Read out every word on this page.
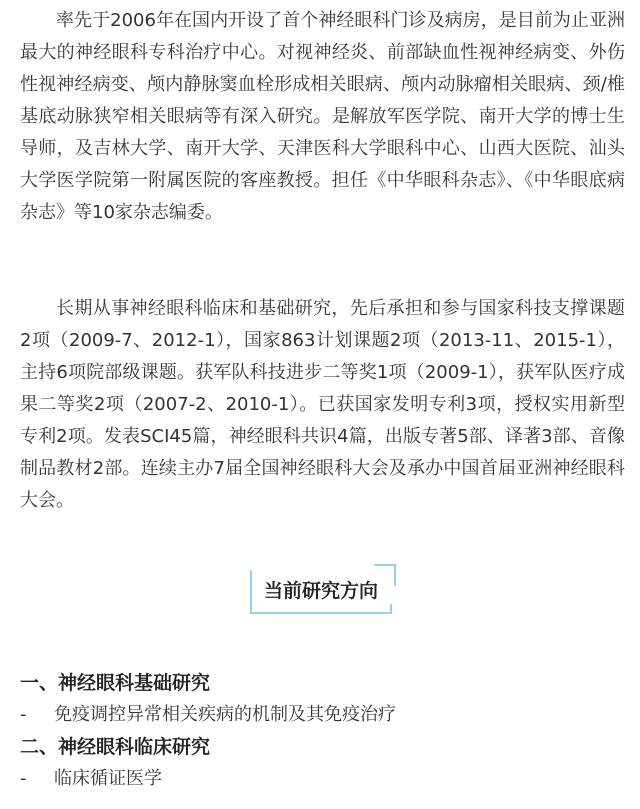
率先于2006年在国内开设了首个神经眼科门诊及病房，是目前为止亚洲最大的神经眼科专科治疗中心。对视神经炎、前部缺血性视神经病变、外伤性视神经病变、颅内静脉窦血栓形成相关眼病、颅内动脉瘤相关眼病、颈/椎基底动脉狭窄相关眼病等有深入研究。是解放军医学院、南开大学的博士生导师，及吉林大学、南开大学、天津医科大学眼科中心、山西大医院、汕头大学医学院第一附属医院的客座教授。担任《中华眼科杂志》、《中华眼底病杂志》等10家杂志编委。

长期从事神经眼科临床和基础研究，先后承担和参与国家科技支撑课题2项（2009-7、2012-1），国家863计划课题2项（2013-11、2015-1），主持6项院部级课题。获军队科技进步二等奖1项（2009-1），获军队医疗成果二等奖2项（2007-2、2010-1）。已获国家发明专利3项，授权实用新型专利2项。发表SCI45篇，神经眼科共识4篇，出版专著5部、译著3部、音像制品教材2部。连续主办7届全国神经眼科大会及承办中国首届亚洲神经眼科大会。

当前研究方向
一、神经眼科基础研究
-	免疫调控异常相关疾病的机制及其免疫治疗
二、神经眼科临床研究
-	临床循证医学
